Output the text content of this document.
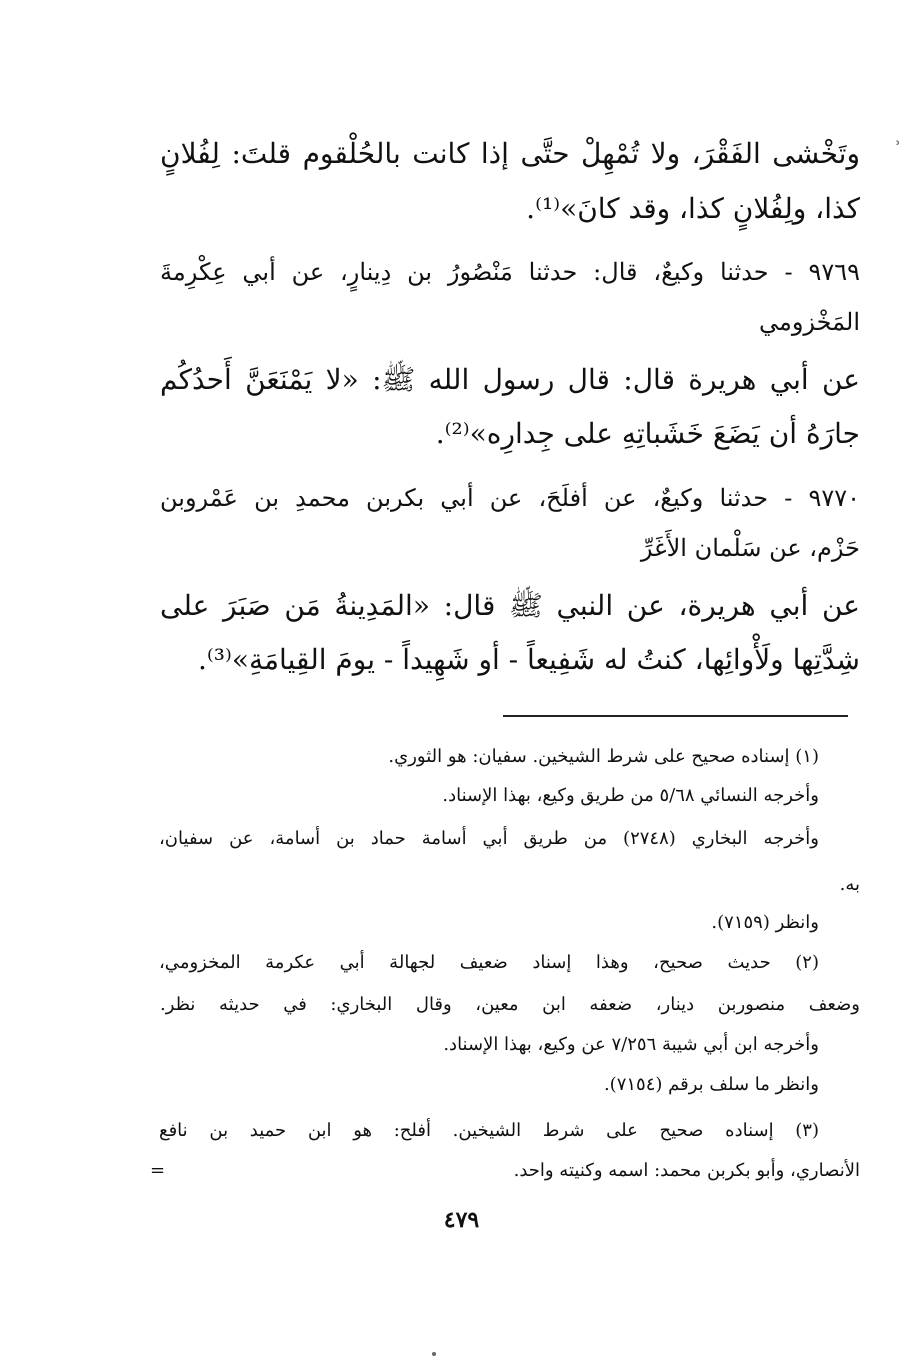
ʾ
وتَخْشى الفَقْرَ، ولا تُمْهِلْ حتَّى إذا كانت بالحُلْقوم قلتَ: لِفُلانٍ
كذا، ولِفُلانٍ كذا، وقد كانَ»⁽¹⁾.
٩٧٦٩ - حدثنا وكيعٌ، قال: حدثنا مَنْصُورُ بن دِينارٍ، عن أبي عِكْرِمةَ
المَخْزومي
عن أبي هريرة قال: قال رسول الله ﷺ: «لا يَمْنَعَنَّ أَحدُكُم
جارَهُ أن يَضَعَ خَشَباتِهِ على جِدارِه»⁽²⁾.
٩٧٧٠ - حدثنا وكيعٌ، عن أفلَحَ، عن أبي بكربن محمدِ بن عَمْروبن
حَزْم، عن سَلْمان الأَغَرِّ
عن أبي هريرة، عن النبي ﷺ قال: «المَدِينةُ مَن صَبَرَ على
شِدَّتِها ولَأْوائِها، كنتُ له شَفِيعاً - أو شَهِيداً - يومَ القِيامَةِ»⁽³⁾.
(١) إسناده صحيح على شرط الشيخين. سفيان: هو الثوري.
وأخرجه النسائي ٥/٦٨ من طريق وكيع، بهذا الإسناد.
وأخرجه البخاري (٢٧٤٨) من طريق أبي أسامة حماد بن أسامة، عن سفيان،
به.
وانظر (٧١٥٩).
(٢) حديث صحيح، وهذا إسناد ضعيف لجهالة أبي عكرمة المخزومي،
وضعف منصوربن دينار، ضعفه ابن معين، وقال البخاري: في حديثه نظر.
وأخرجه ابن أبي شيبة ٧/٢٥٦ عن وكيع، بهذا الإسناد.
وانظر ما سلف برقم (٧١٥٤).
(٣) إسناده صحيح على شرط الشيخين. أفلح: هو ابن حميد بن نافع
الأنصاري، وأبو بكربن محمد: اسمه وكنيته واحد.
=
٤٧٩
